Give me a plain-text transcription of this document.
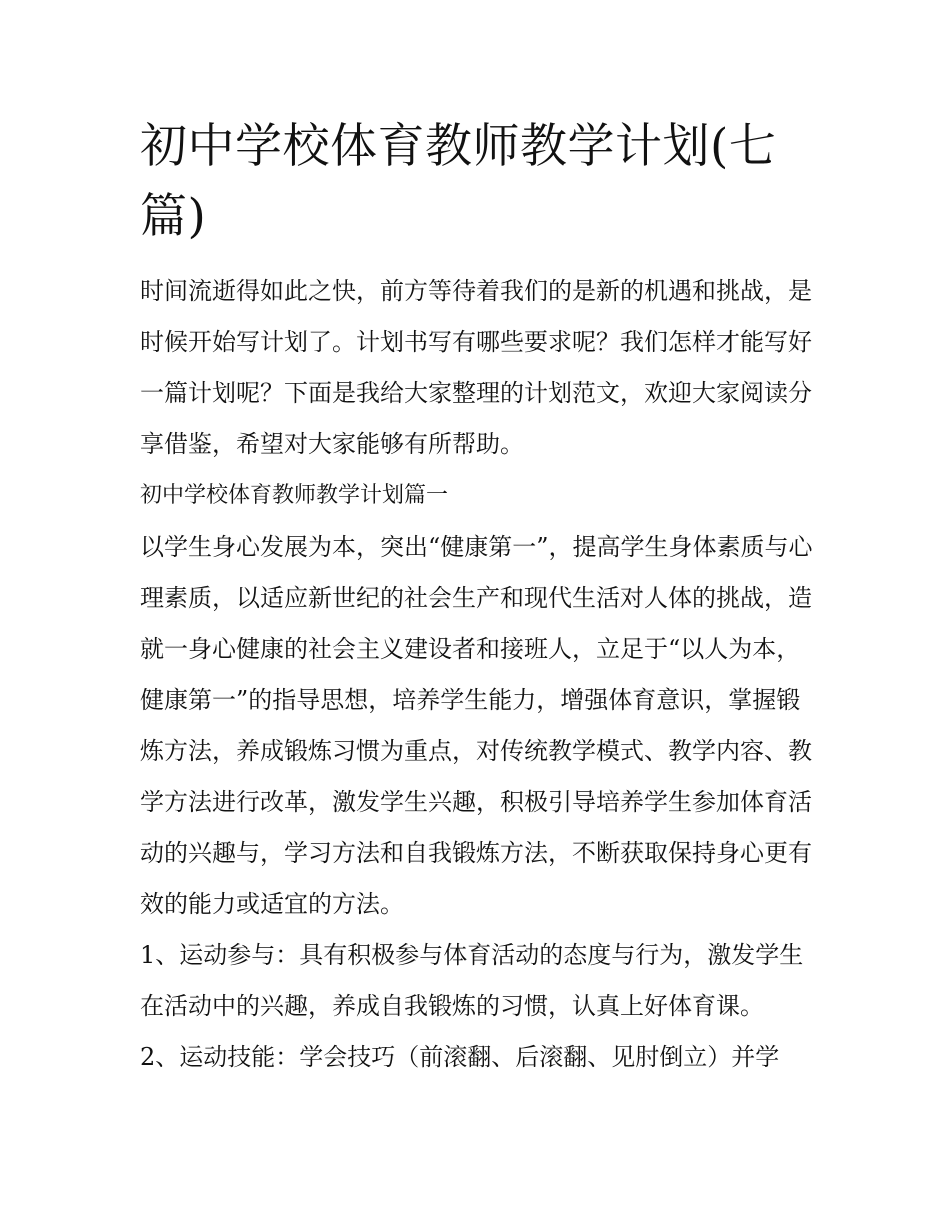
初中学校体育教师教学计划(七篇)

时间流逝得如此之快，前方等待着我们的是新的机遇和挑战，是时候开始写计划了。计划书写有哪些要求呢？我们怎样才能写好一篇计划呢？下面是我给大家整理的计划范文，欢迎大家阅读分享借鉴，希望对大家能够有所帮助。

初中学校体育教师教学计划篇一

以学生身心发展为本，突出“健康第一”，提高学生身体素质与心理素质，以适应新世纪的社会生产和现代生活对人体的挑战，造就一身心健康的社会主义建设者和接班人，立足于“以人为本，健康第一”的指导思想，培养学生能力，增强体育意识，掌握锻炼方法，养成锻炼习惯为重点，对传统教学模式、教学内容、教学方法进行改革，激发学生兴趣，积极引导培养学生参加体育活动的兴趣与，学习方法和自我锻炼方法，不断获取保持身心更有效的能力或适宜的方法。

1、运动参与：具有积极参与体育活动的态度与行为，激发学生在活动中的兴趣，养成自我锻炼的习惯，认真上好体育课。

2、运动技能：学会技巧（前滚翻、后滚翻、见肘倒立）并学
